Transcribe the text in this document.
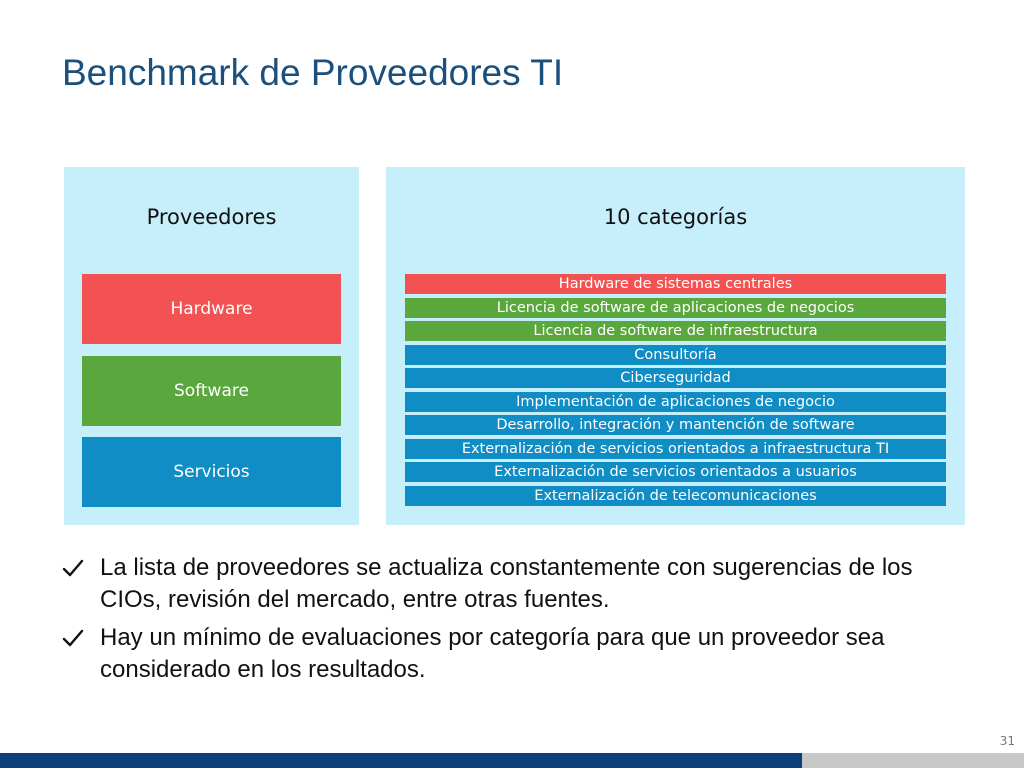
Benchmark de Proveedores TI
Proveedores
Hardware
Software
Servicios
10 categorías
Hardware de sistemas centrales
Licencia de software de aplicaciones de negocios
Licencia de software de infraestructura
Consultoría
Ciberseguridad
Implementación de aplicaciones de negocio
Desarrollo, integración y mantención de software
Externalización de servicios orientados a infraestructura TI
Externalización de servicios orientados a usuarios
Externalización de telecomunicaciones
La lista de proveedores se actualiza constantemente con sugerencias de los CIOs, revisión del mercado, entre otras fuentes.
Hay un mínimo de evaluaciones por categoría para que un proveedor sea considerado en los resultados.
31
